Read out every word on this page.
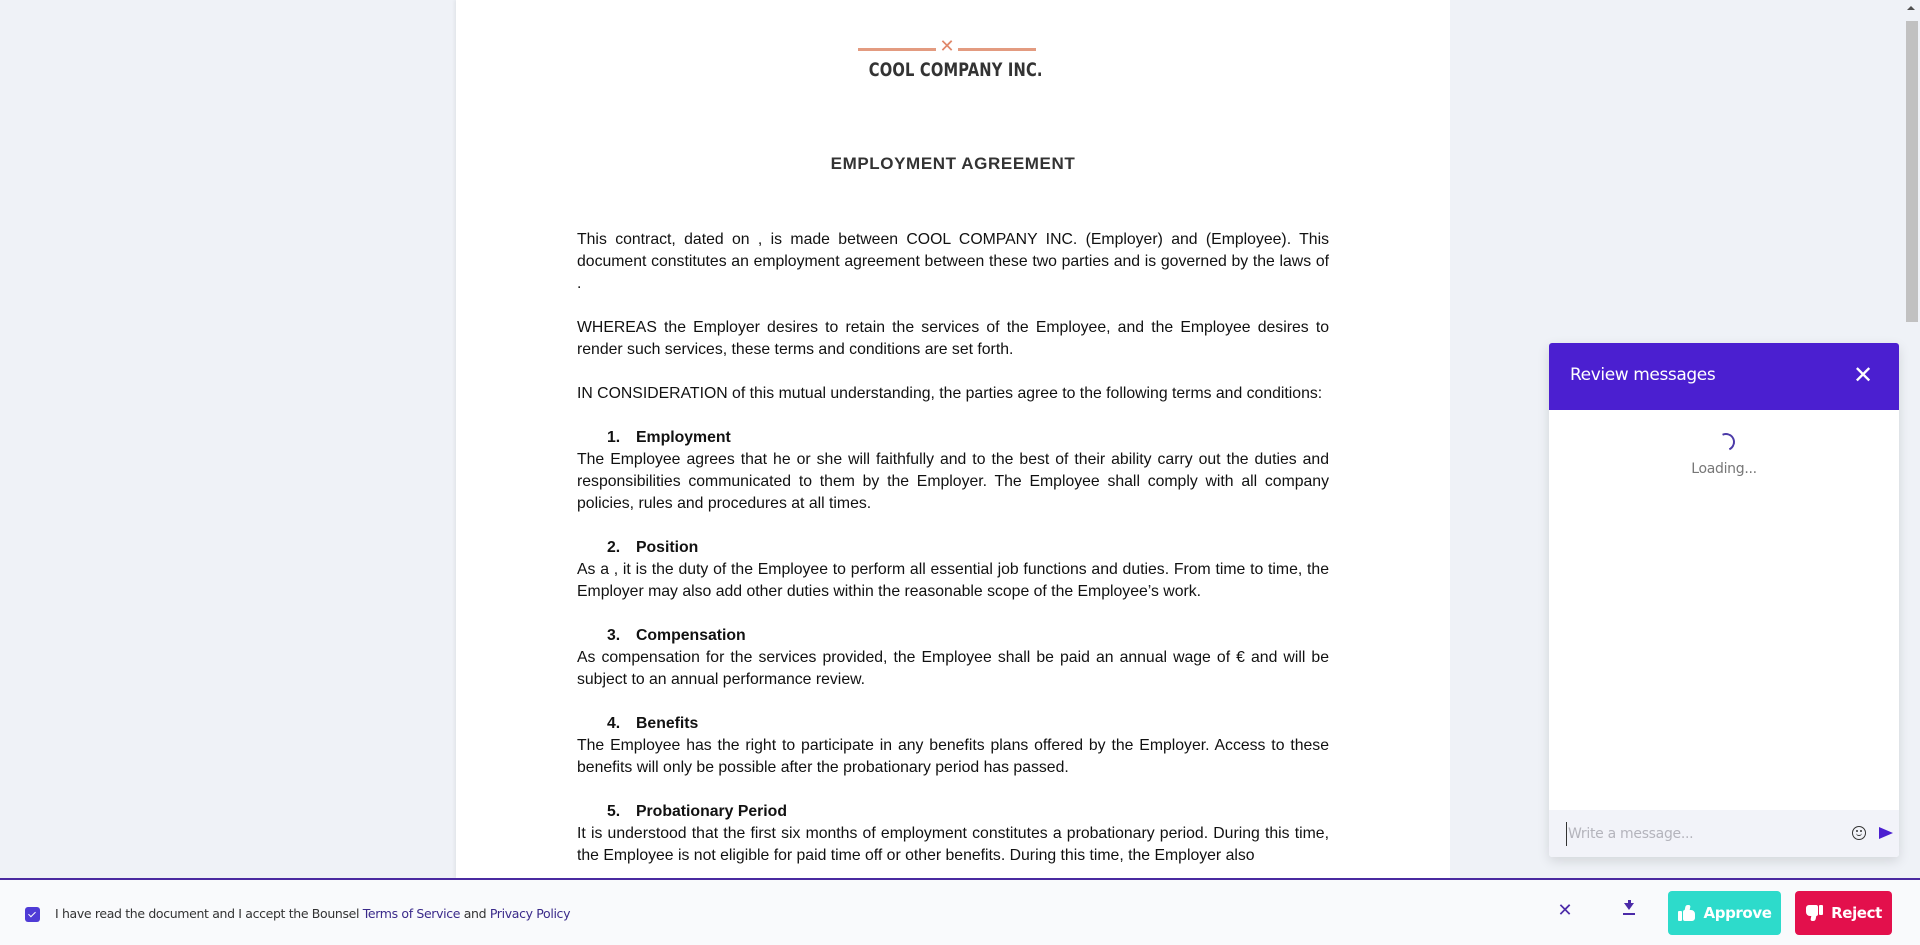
✕
COOL COMPANY INC.
EMPLOYMENT AGREEMENT

This contract, dated on , is made between COOL COMPANY INC. (Employer) and (Employee). This document constitutes an employment agreement between these two parties and is governed by the laws of .

WHEREAS the Employer desires to retain the services of the Employee, and the Employee desires to render such services, these terms and conditions are set forth.

IN CONSIDERATION of this mutual understanding, the parties agree to the following terms and conditions:

1. Employment
The Employee agrees that he or she will faithfully and to the best of their ability carry out the duties and responsibilities communicated to them by the Employer. The Employee shall comply with all company policies, rules and procedures at all times.
2. Position
As a , it is the duty of the Employee to perform all essential job functions and duties. From time to time, the Employer may also add other duties within the reasonable scope of the Employee’s work.
3. Compensation
As compensation for the services provided, the Employee shall be paid an annual wage of € and will be subject to an annual performance review.
4. Benefits
The Employee has the right to participate in any benefits plans offered by the Employer. Access to these benefits will only be possible after the probationary period has passed.
5. Probationary Period
It is understood that the first six months of employment constitutes a probationary period. During this time, the Employee is not eligible for paid time off or other benefits. During this time, the Employer also
Review messages	✕
Loading...
Write a message...
I have read the document and I accept the Bounsel Terms of Service and Privacy Policy	✕	Approve	Reject
